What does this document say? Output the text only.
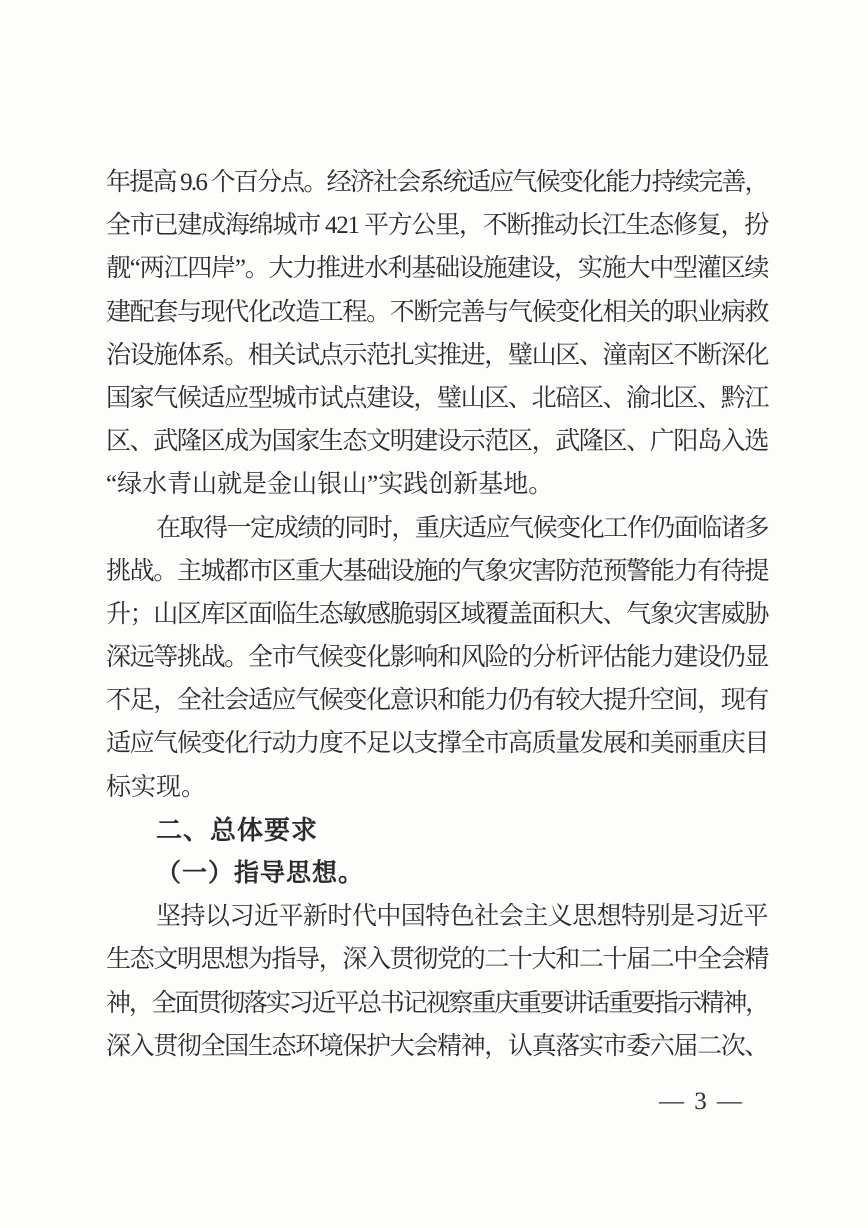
年提高 9.6 个百分点。经济社会系统适应气候变化能力持续完善，
全市已建成海绵城市 421 平方公里，不断推动长江生态修复，扮
靓“两江四岸”。大力推进水利基础设施建设，实施大中型灌区续
建配套与现代化改造工程。不断完善与气候变化相关的职业病救
治设施体系。相关试点示范扎实推进，璧山区、潼南区不断深化
国家气候适应型城市试点建设，璧山区、北碚区、渝北区、黔江
区、武隆区成为国家生态文明建设示范区，武隆区、广阳岛入选
“绿水青山就是金山银山”实践创新基地。
在取得一定成绩的同时，重庆适应气候变化工作仍面临诸多
挑战。主城都市区重大基础设施的气象灾害防范预警能力有待提
升；山区库区面临生态敏感脆弱区域覆盖面积大、气象灾害威胁
深远等挑战。全市气候变化影响和风险的分析评估能力建设仍显
不足，全社会适应气候变化意识和能力仍有较大提升空间，现有
适应气候变化行动力度不足以支撑全市高质量发展和美丽重庆目
标实现。
二、总体要求
（一）指导思想。
坚持以习近平新时代中国特色社会主义思想特别是习近平
生态文明思想为指导，深入贯彻党的二十大和二十届二中全会精
神，全面贯彻落实习近平总书记视察重庆重要讲话重要指示精神，
深入贯彻全国生态环境保护大会精神，认真落实市委六届二次、
— 3 —
